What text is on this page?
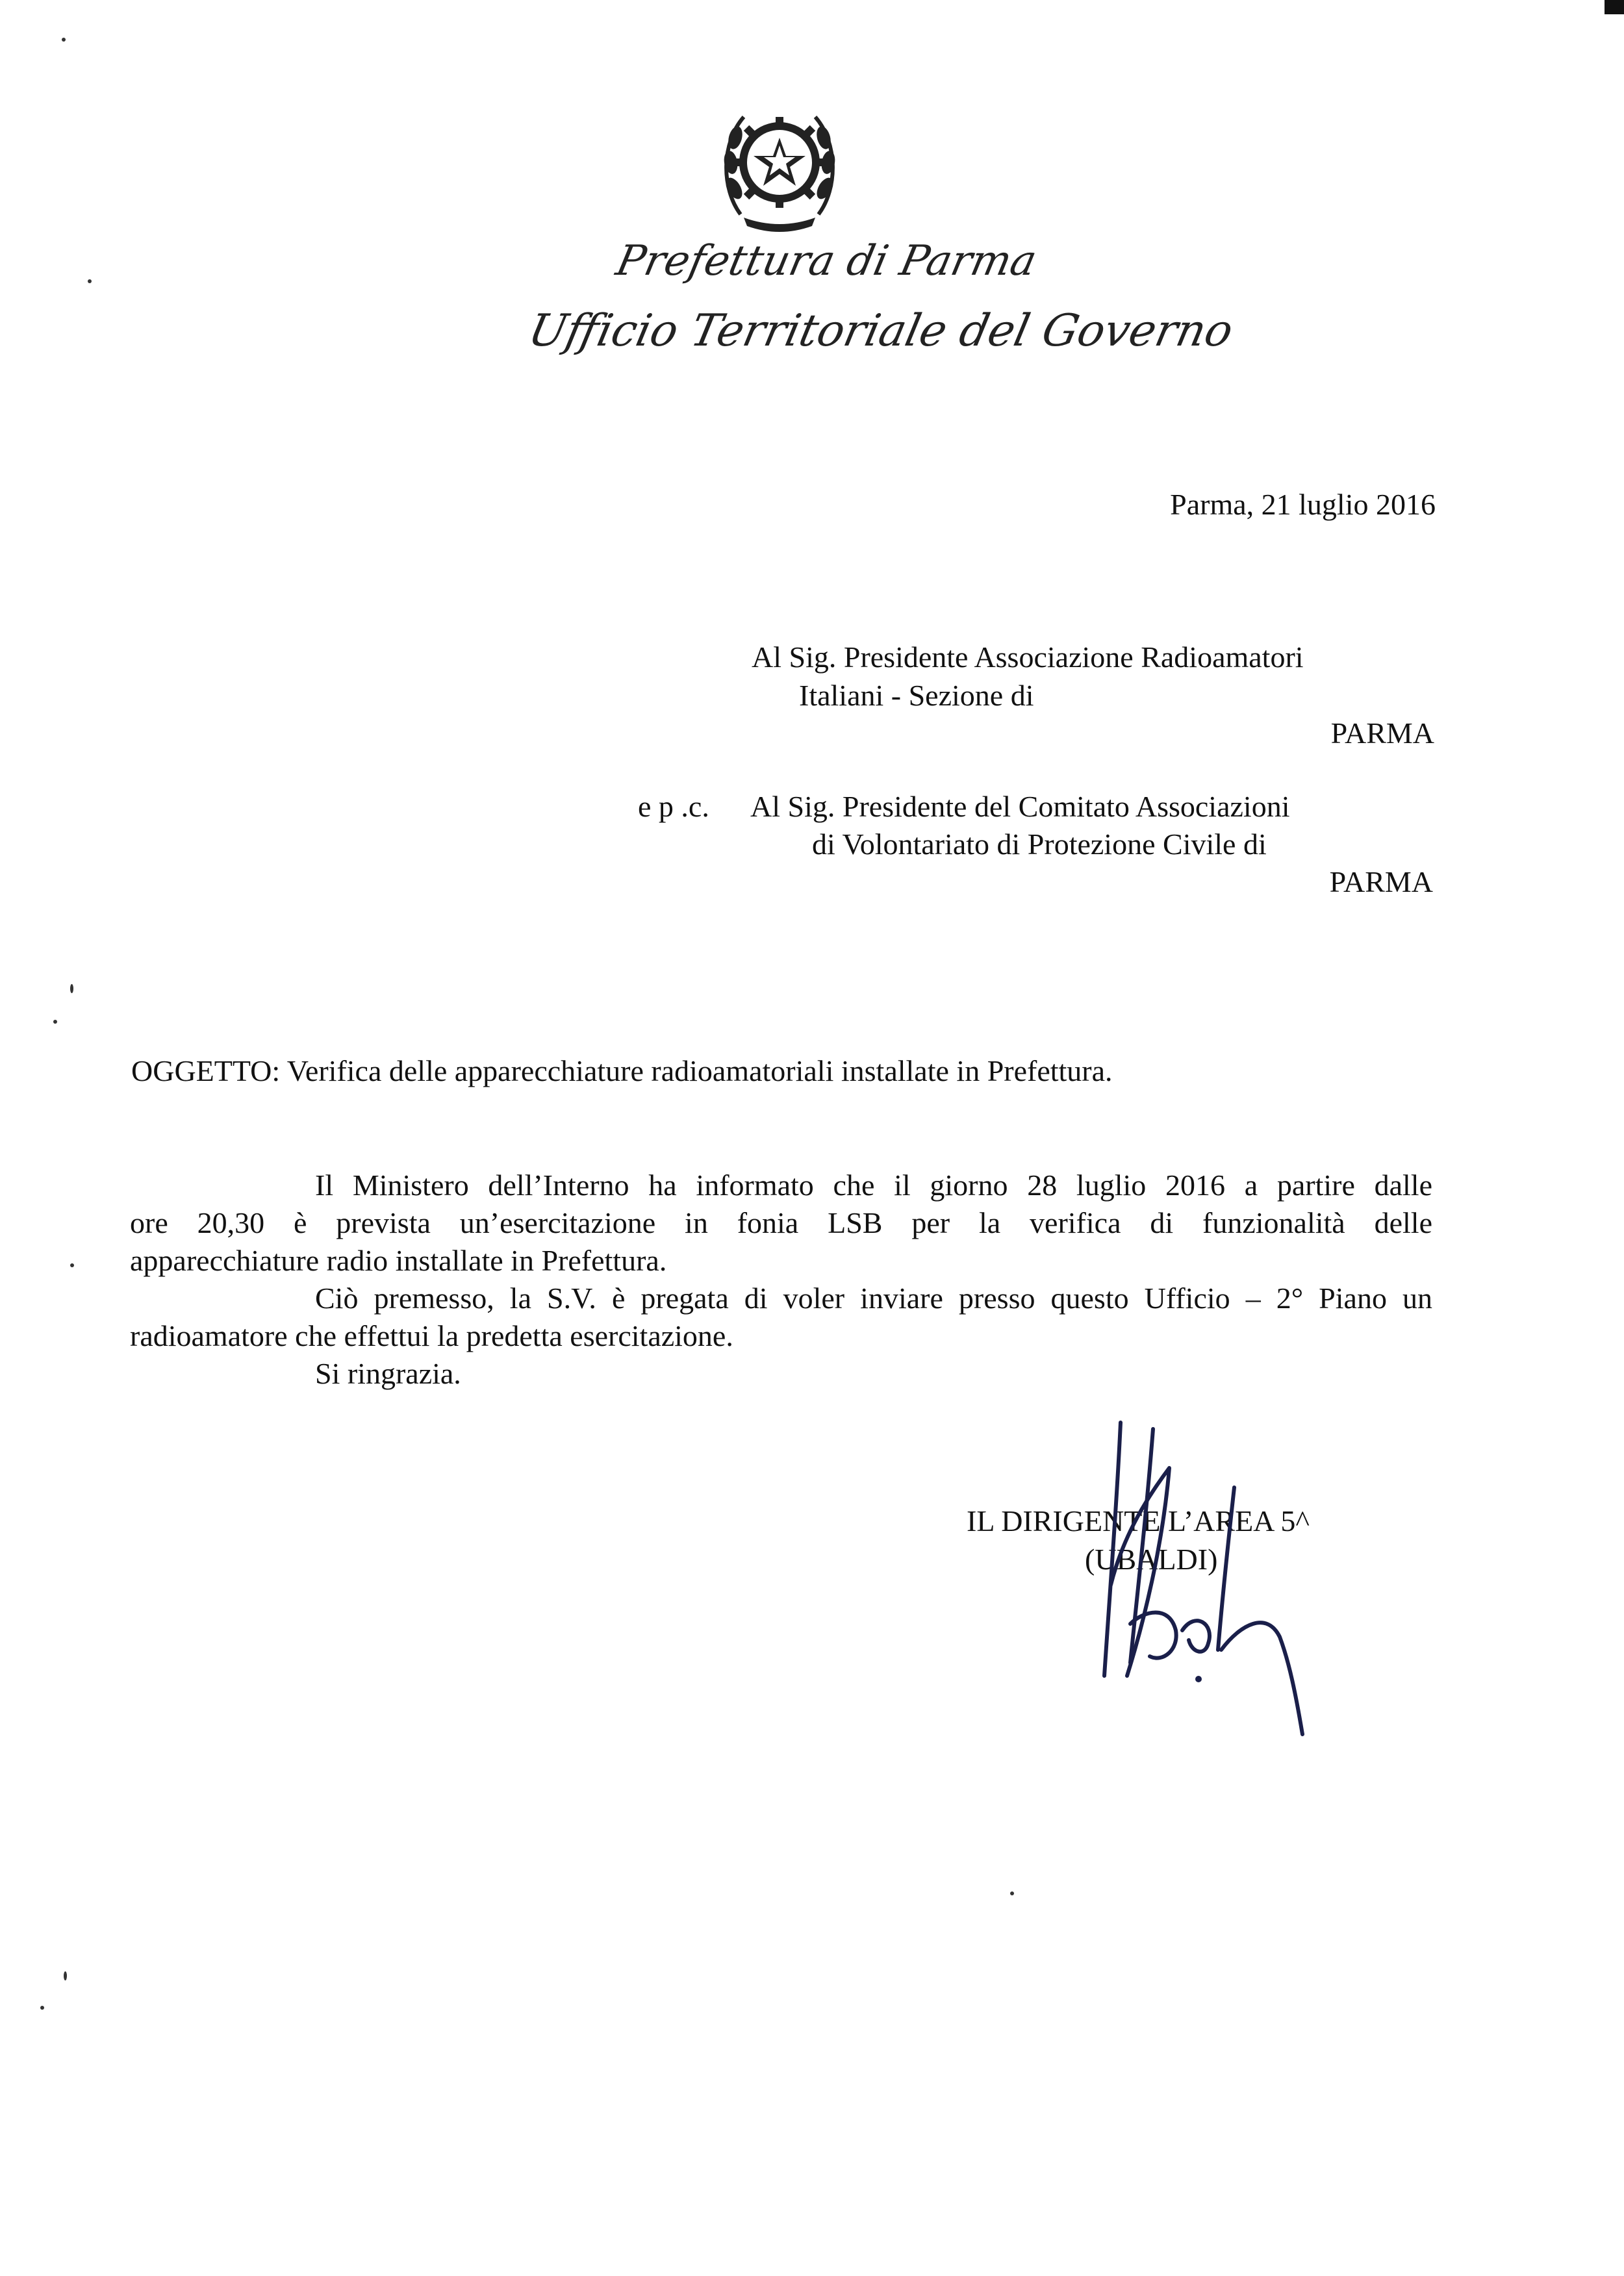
Prefettura di Parma
Ufficio Territoriale del Governo
Parma, 21 luglio 2016
Al Sig. Presidente Associazione Radioamatori
Italiani - Sezione di
PARMA
e p .c. Al Sig. Presidente del Comitato Associazioni
di Volontariato di Protezione Civile di
PARMA
OGGETTO: Verifica delle apparecchiature radioamatoriali installate in Prefettura.
Il Ministero dell’Interno ha informato che il giorno 28 luglio 2016 a partire dalle
ore 20,30 è prevista un’esercitazione in fonia LSB per la verifica di funzionalità delle
apparecchiature radio installate in Prefettura.
Ciò premesso, la S.V. è pregata di voler inviare presso questo Ufficio – 2° Piano un
radioamatore che effettui la predetta esercitazione.
Si ringrazia.
IL DIRIGENTE L’AREA 5^
(UBALDI)
